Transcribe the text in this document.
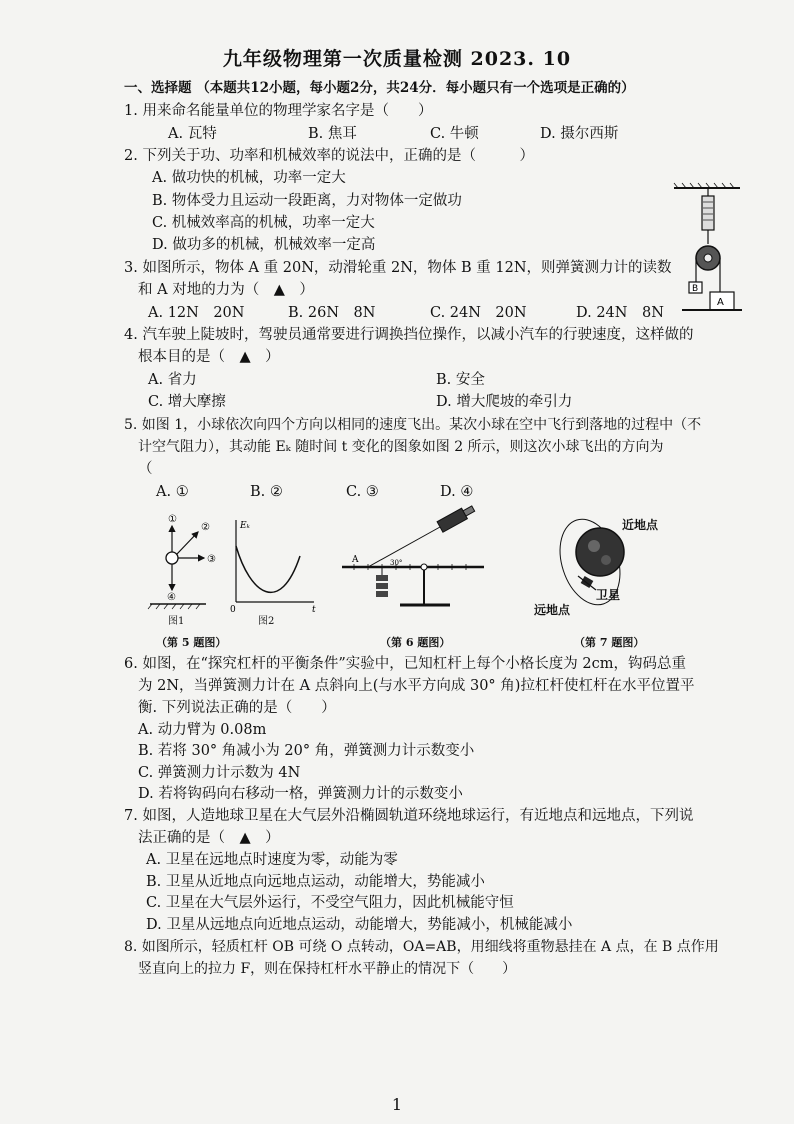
九年级物理第一次质量检测 2023. 10
一、选择题 （本题共12小题，每小题2分，共24分．每小题只有一个选项是正确的）
1. 用来命名能量单位的物理学家名字是（　　）
A. 瓦特	B. 焦耳	C. 牛顿	D. 摄尔西斯
2. 下列关于功、功率和机械效率的说法中，正确的是（　　　）
A. 做功快的机械，功率一定大
B. 物体受力且运动一段距离，力对物体一定做功
C. 机械效率高的机械，功率一定大
D. 做功多的机械，机械效率一定高
B
A
3. 如图所示，物体 A 重 20N，动滑轮重 2N，物体 B 重 12N，则弹簧测力计的读数
和 A 对地的力为（　▲　）
A. 12N　20N	B. 26N　8N	C. 24N　20N	D. 24N　8N
4. 汽车驶上陡坡时，驾驶员通常要进行调换挡位操作，以减小汽车的行驶速度，这样做的
根本目的是（　▲　）
A. 省力	B. 安全
C. 增大摩擦	D. 增大爬坡的牵引力
5. 如图 1，小球依次向四个方向以相同的速度飞出。某次小球在空中飞行到落地的过程中（不
计空气阻力），其动能 Eₖ 随时间 t 变化的图象如图 2 所示，则这次小球飞出的方向为
（
A. ①	B. ②	C. ③	D. ④
①
②
③
④
图1
Eₖ
0	t
图2
A	30°
近地点
远地点
卫星
（第 5 题图）	（第 6 题图）	（第 7 题图）
6. 如图，在“探究杠杆的平衡条件”实验中，已知杠杆上每个小格长度为 2cm，钩码总重
为 2N，当弹簧测力计在 A 点斜向上(与水平方向成 30° 角)拉杠杆使杠杆在水平位置平
衡. 下列说法正确的是（　　）
A. 动力臂为 0.08m
B. 若将 30° 角减小为 20° 角，弹簧测力计示数变小
C. 弹簧测力计示数为 4N
D. 若将钩码向右移动一格，弹簧测力计的示数变小
7. 如图，人造地球卫星在大气层外沿椭圆轨道环绕地球运行，有近地点和远地点，下列说
法正确的是（　▲　）
A. 卫星在远地点时速度为零，动能为零
B. 卫星从近地点向远地点运动，动能增大，势能减小
C. 卫星在大气层外运行，不受空气阻力，因此机械能守恒
D. 卫星从远地点向近地点运动，动能增大，势能减小，机械能减小
8. 如图所示，轻质杠杆 OB 可绕 O 点转动，OA=AB，用细线将重物悬挂在 A 点，在 B 点作用
竖直向上的拉力 F，则在保持杠杆水平静止的情况下（　　）
1
